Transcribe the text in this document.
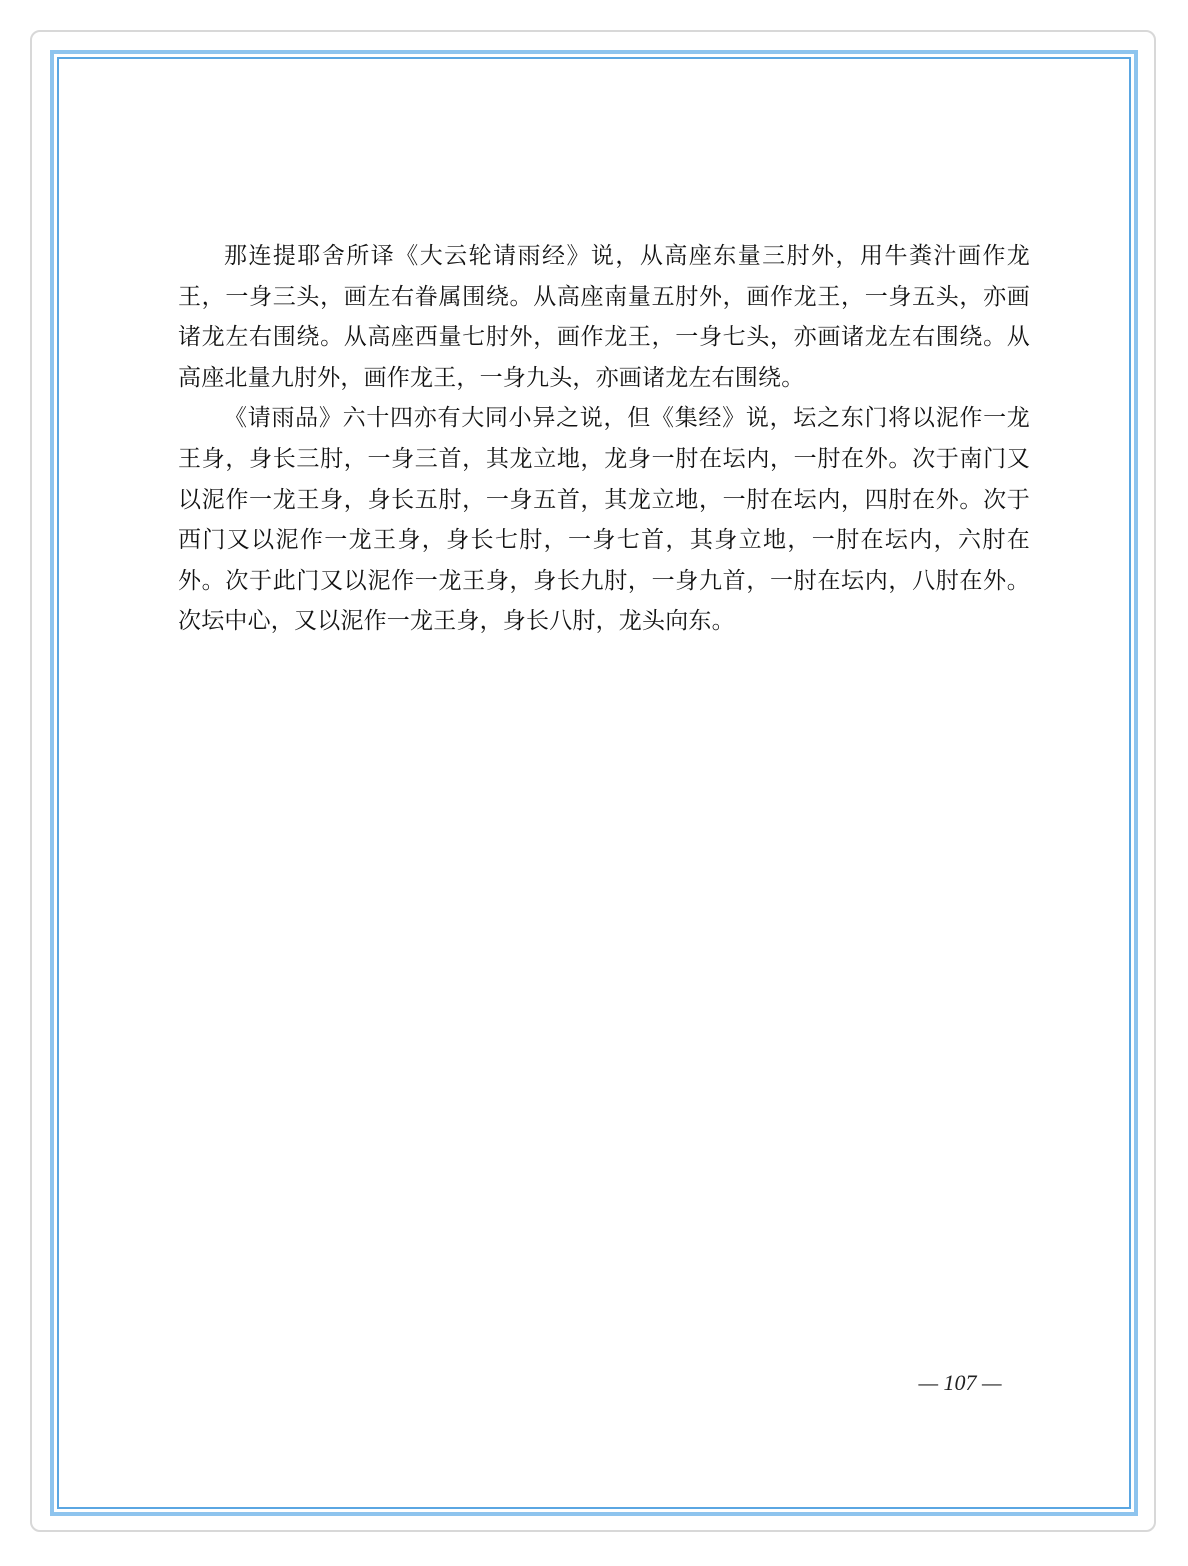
那连提耶舍所译《大云轮请雨经》说，从高座东量三肘外，用牛粪汁画作龙王，一身三头，画左右眷属围绕。从高座南量五肘外，画作龙王，一身五头，亦画诸龙左右围绕。从高座西量七肘外，画作龙王，一身七头，亦画诸龙左右围绕。从高座北量九肘外，画作龙王，一身九头，亦画诸龙左右围绕。

《请雨品》六十四亦有大同小异之说，但《集经》说，坛之东门将以泥作一龙王身，身长三肘，一身三首，其龙立地，龙身一肘在坛内，一肘在外。次于南门又以泥作一龙王身，身长五肘，一身五首，其龙立地，一肘在坛内，四肘在外。次于西门又以泥作一龙王身，身长七肘，一身七首，其身立地，一肘在坛内，六肘在外。次于此门又以泥作一龙王身，身长九肘，一身九首，一肘在坛内，八肘在外。次坛中心，又以泥作一龙王身，身长八肘，龙头向东。

— 107 —
